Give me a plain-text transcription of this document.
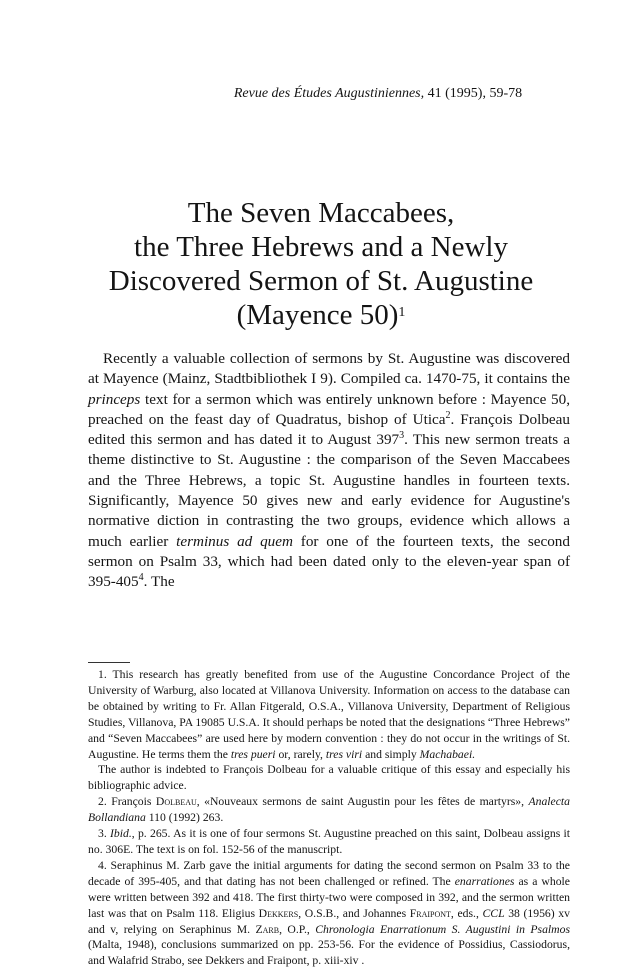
Revue des Études Augustiniennes, 41 (1995), 59-78
The Seven Maccabees,
the Three Hebrews and a Newly
Discovered Sermon of St. Augustine
(Mayence 50)$^1$

Recently a valuable collection of sermons by St. Augustine was discovered at Mayence (Mainz, Stadtbibliothek I 9). Compiled ca. 1470-75, it contains the princeps text for a sermon which was entirely unknown before : Mayence 50, preached on the feast day of Quadratus, bishop of Utica$^2$. François Dolbeau edited this sermon and has dated it to August $397^3$. This new sermon treats a theme distinctive to St. Augustine : the comparison of the Seven Maccabees and the Three Hebrews, a topic St. Augustine handles in fourteen texts. Significantly, Mayence 50 gives new and early evidence for Augustine's normative diction in contrasting the two groups, evidence which allows a much earlier terminus ad quem for one of the fourteen texts, the second sermon on Psalm 33, which had been dated only to the eleven-year span of $395-405^4$. The

1. This research has greatly benefited from use of the Augustine Concordance Project of the University of Warburg, also located at Villanova University. Information on access to the database can be obtained by writing to Fr. Allan Fitgerald, O.S.A., Villanova University, Department of Religious Studies, Villanova, PA 19085 U.S.A. It should perhaps be noted that the designations “Three Hebrews” and “Seven Maccabees” are used here by modern convention : they do not occur in the writings of St. Augustine. He terms them the tres pueri or, rarely, tres viri and simply Machabaei.

The author is indebted to François Dolbeau for a valuable critique of this essay and especially his bibliographic advice.

2. François Dolbeau, «Nouveaux sermons de saint Augustin pour les fêtes de martyrs», Analecta Bollandiana 110 (1992) 263.

3. Ibid., p. 265. As it is one of four sermons St. Augustine preached on this saint, Dolbeau assigns it no. 306E. The text is on fol. 152-56 of the manuscript.

4. Seraphinus M. Zarb gave the initial arguments for dating the second sermon on Psalm 33 to the decade of 395-405, and that dating has not been challenged or refined. The enarrationes as a whole were written between 392 and 418. The first thirty-two were composed in 392, and the sermon written last was that on Psalm 118. Eligius Dekkers, O.S.B., and Johannes Fraipont, eds., CCL 38 (1956) xv and v, relying on Seraphinus M. Zarb, O.P., Chronologia Enarrationum S. Augustini in Psalmos (Malta, 1948), conclusions summarized on pp. 253-56. For the evidence of Possidius, Cassiodorus, and Walafrid Strabo, see Dekkers and Fraipont, p. xiii-xiv .
